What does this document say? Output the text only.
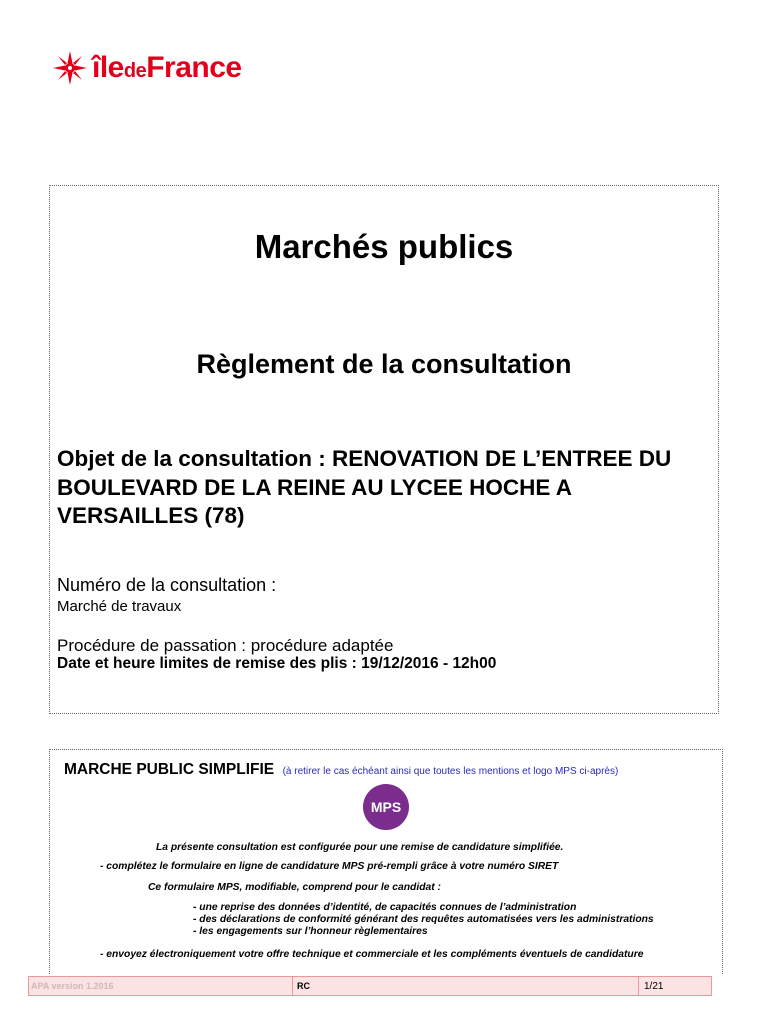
îledeFrance
Marchés publics
Règlement de la consultation
Objet de la consultation : RENOVATION DE L’ENTREE DU BOULEVARD DE LA REINE AU LYCEE HOCHE A VERSAILLES (78)
Numéro de la consultation :
Marché de travaux
Procédure de passation : procédure adaptée
Date et heure limites de remise des plis : 19/12/2016 - 12h00
MARCHE PUBLIC SIMPLIFIE (à retirer le cas échéant ainsi que toutes les mentions et logo MPS ci-après)
MPS
La présente consultation est configurée pour une remise de candidature simplifiée.
- complétez le formulaire en ligne de candidature MPS pré-rempli grâce à votre numéro SIRET
Ce formulaire MPS, modifiable, comprend pour le candidat :
- une reprise des données d’identité, de capacités connues de l’administration
- des déclarations de conformité générant des requêtes automatisées vers les administrations
- les engagements sur l’honneur règlementaires
- envoyez électroniquement votre offre technique et commerciale et les compléments éventuels de candidature
APA version 1.2016	RC	1/21
